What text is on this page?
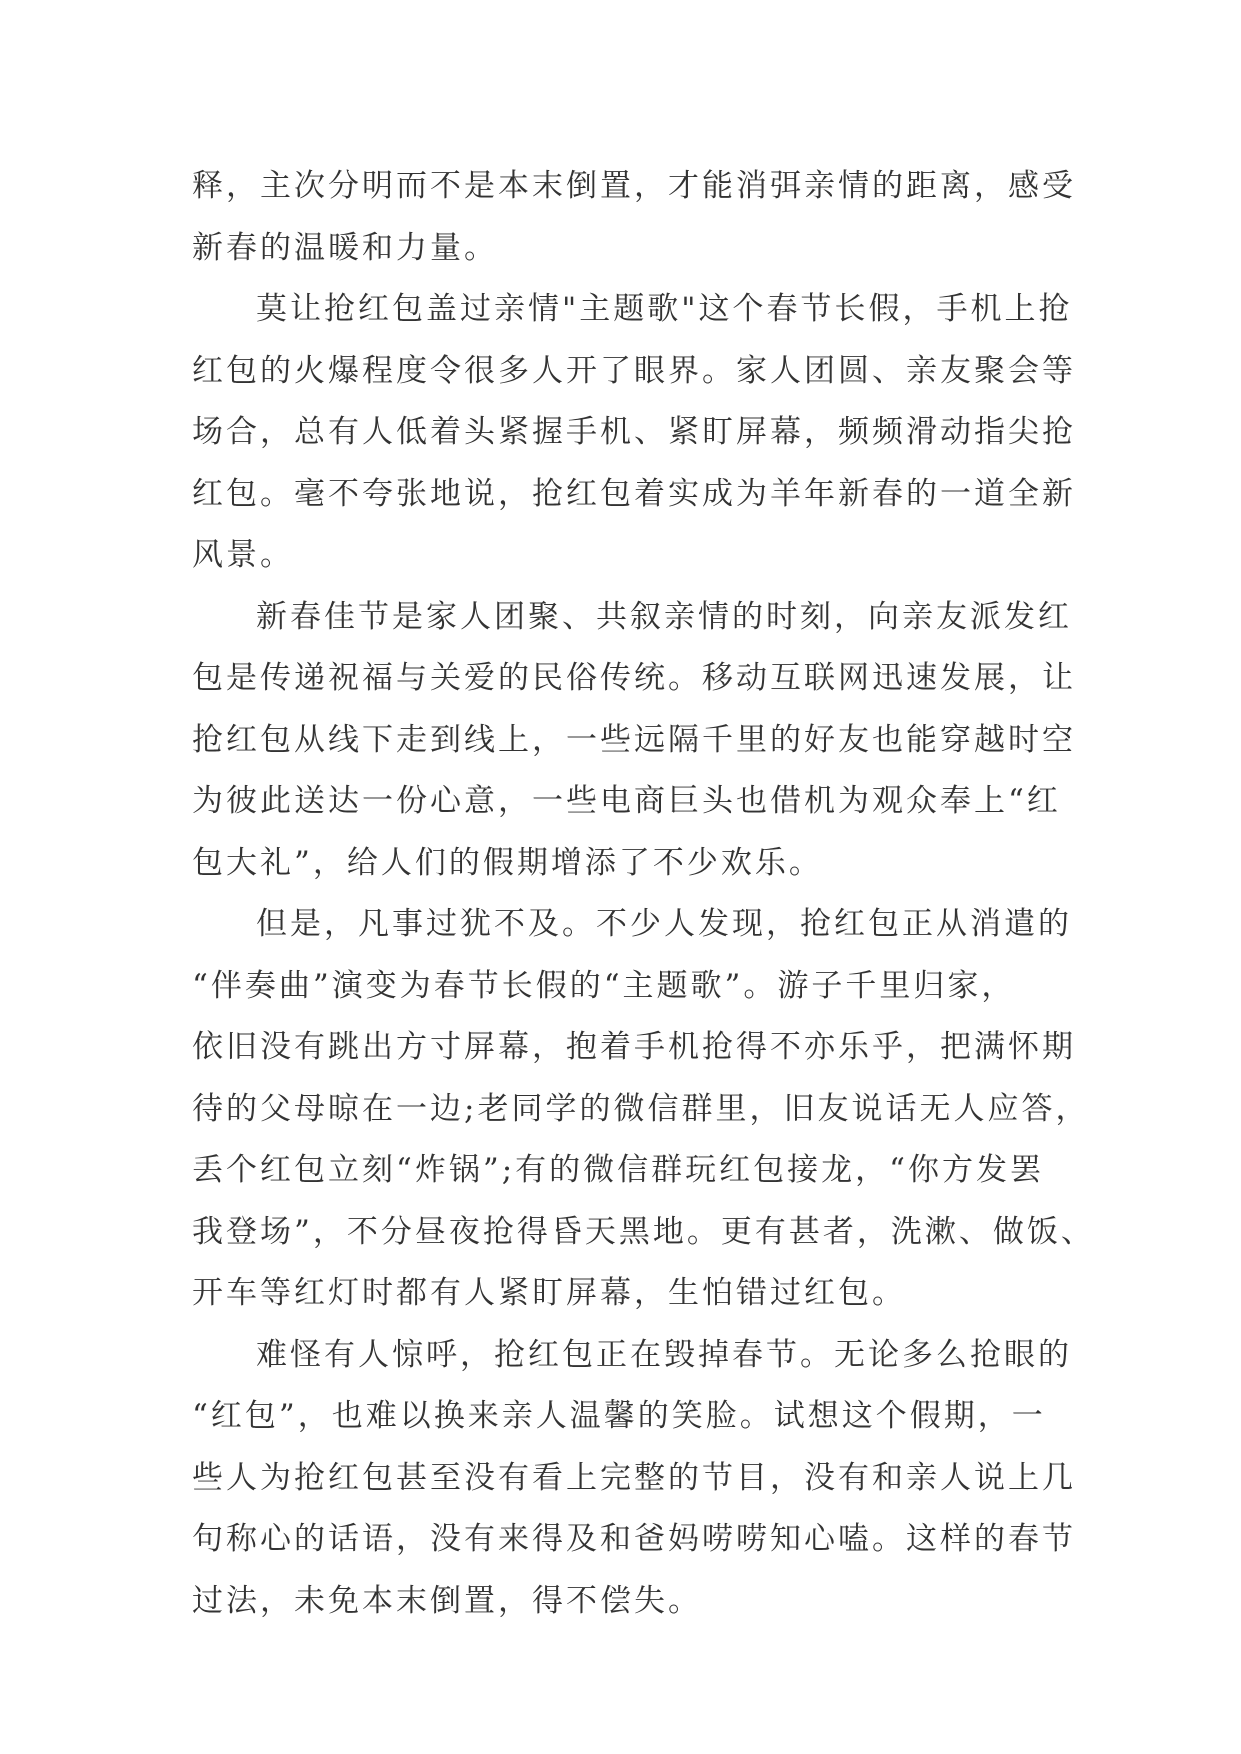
释，主次分明而不是本末倒置，才能消弭亲情的距离，感受
新春的温暖和力量。
莫让抢红包盖过亲情"主题歌"这个春节长假，手机上抢
红包的火爆程度令很多人开了眼界。家人团圆、亲友聚会等
场合，总有人低着头紧握手机、紧盯屏幕，频频滑动指尖抢
红包。毫不夸张地说，抢红包着实成为羊年新春的一道全新
风景。
新春佳节是家人团聚、共叙亲情的时刻，向亲友派发红
包是传递祝福与关爱的民俗传统。移动互联网迅速发展，让
抢红包从线下走到线上，一些远隔千里的好友也能穿越时空
为彼此送达一份心意，一些电商巨头也借机为观众奉上“红
包大礼”，给人们的假期增添了不少欢乐。
但是，凡事过犹不及。不少人发现，抢红包正从消遣的
“伴奏曲”演变为春节长假的“主题歌”。游子千里归家，
依旧没有跳出方寸屏幕，抱着手机抢得不亦乐乎，把满怀期
待的父母晾在一边;老同学的微信群里，旧友说话无人应答，
丢个红包立刻“炸锅”;有的微信群玩红包接龙，“你方发罢
我登场”，不分昼夜抢得昏天黑地。更有甚者，洗漱、做饭、
开车等红灯时都有人紧盯屏幕，生怕错过红包。
难怪有人惊呼，抢红包正在毁掉春节。无论多么抢眼的
“红包”，也难以换来亲人温馨的笑脸。试想这个假期，一
些人为抢红包甚至没有看上完整的节目，没有和亲人说上几
句称心的话语，没有来得及和爸妈唠唠知心嗑。这样的春节
过法，未免本末倒置，得不偿失。
